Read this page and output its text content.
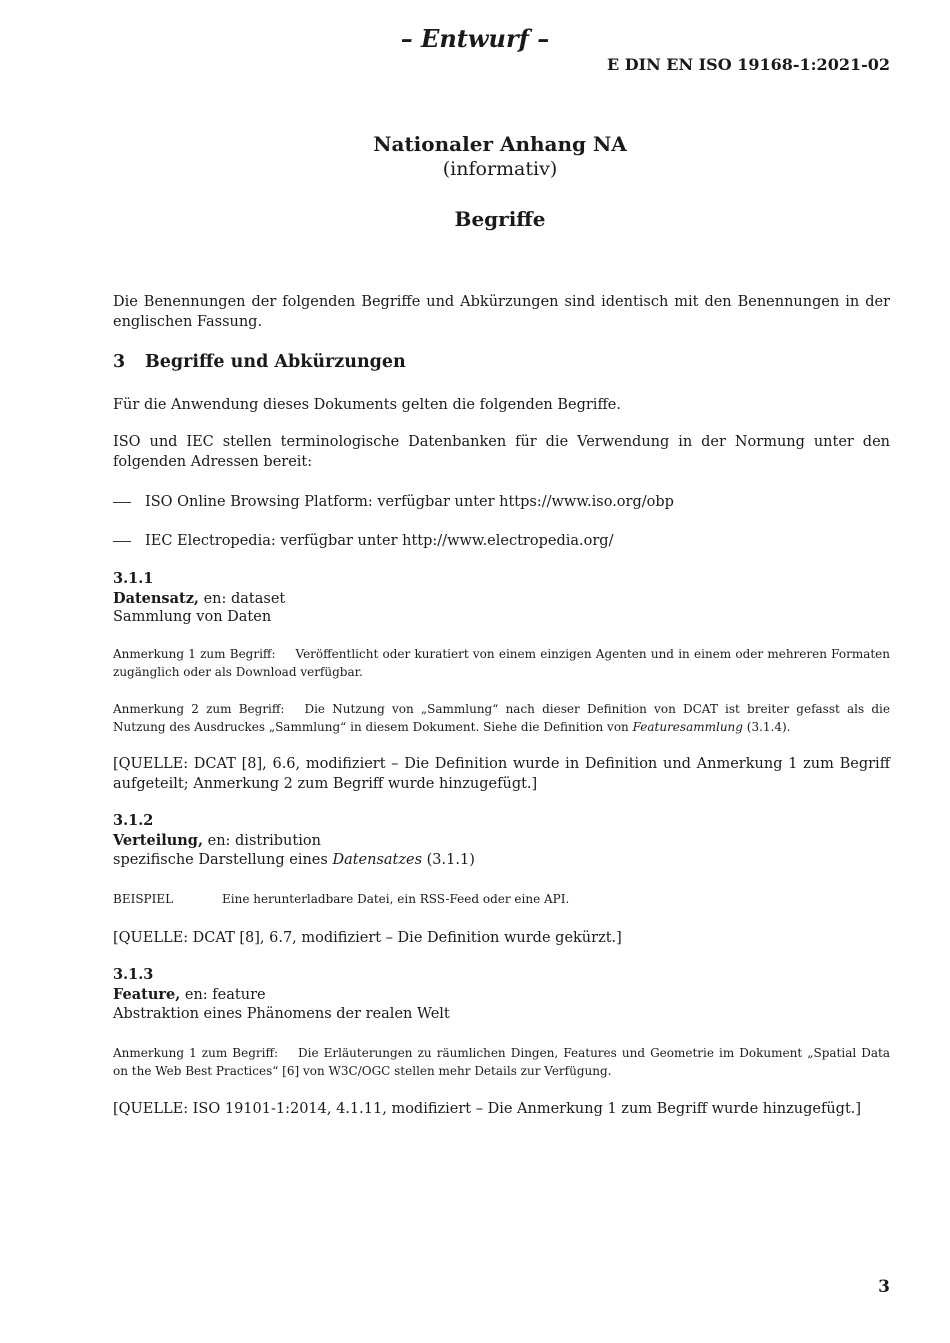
– Entwurf –
E DIN EN ISO 19168-1:2021-02
Nationaler Anhang NA
(informativ)
Begriffe
Die Benennungen der folgenden Begriffe und Abkürzungen sind identisch mit den Benennungen in der englischen Fassung.
3 Begriffe und Abkürzungen
Für die Anwendung dieses Dokuments gelten die folgenden Begriffe.
ISO und IEC stellen terminologische Datenbanken für die Verwendung in der Normung unter den folgenden Adressen bereit:
ISO Online Browsing Platform: verfügbar unter https://www.iso.org/obp
IEC Electropedia: verfügbar unter http://www.electropedia.org/
3.1.1
Datensatz, en: dataset
Sammlung von Daten
Anmerkung 1 zum Begriff: Veröffentlicht oder kuratiert von einem einzigen Agenten und in einem oder mehreren Formaten zugänglich oder als Download verfügbar.
Anmerkung 2 zum Begriff: Die Nutzung von „Sammlung“ nach dieser Definition von DCAT ist breiter gefasst als die Nutzung des Ausdruckes „Sammlung“ in diesem Dokument. Siehe die Definition von Featuresammlung (3.1.4).
[QUELLE: DCAT [8], 6.6, modifiziert – Die Definition wurde in Definition und Anmerkung 1 zum Begriff aufgeteilt; Anmerkung 2 zum Begriff wurde hinzugefügt.]
3.1.2
Verteilung, en: distribution
spezifische Darstellung eines Datensatzes (3.1.1)
BEISPIEL	Eine herunterladbare Datei, ein RSS-Feed oder eine API.
[QUELLE: DCAT [8], 6.7, modifiziert – Die Definition wurde gekürzt.]
3.1.3
Feature, en: feature
Abstraktion eines Phänomens der realen Welt
Anmerkung 1 zum Begriff: Die Erläuterungen zu räumlichen Dingen, Features und Geometrie im Dokument „Spatial Data on the Web Best Practices“ [6] von W3C/OGC stellen mehr Details zur Verfügung.
[QUELLE: ISO 19101-1:2014, 4.1.11, modifiziert – Die Anmerkung 1 zum Begriff wurde hinzugefügt.]
3
